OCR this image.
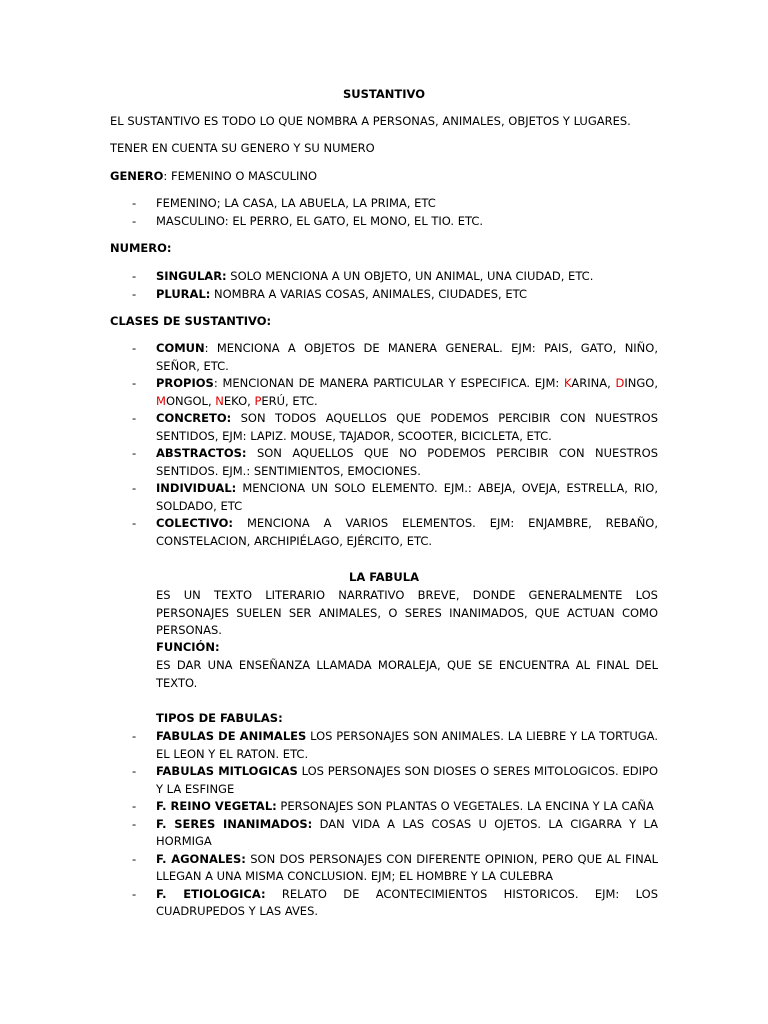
SUSTANTIVO

EL SUSTANTIVO ES TODO LO QUE NOMBRA A PERSONAS, ANIMALES, OBJETOS Y LUGARES.

TENER EN CUENTA SU GENERO Y SU NUMERO

GENERO: FEMENINO O MASCULINO

- FEMENINO; LA CASA, LA ABUELA, LA PRIMA, ETC
- MASCULINO: EL PERRO, EL GATO, EL MONO, EL TIO. ETC.

NUMERO:

- SINGULAR: SOLO MENCIONA A UN OBJETO, UN ANIMAL, UNA CIUDAD, ETC.
- PLURAL: NOMBRA A VARIAS COSAS, ANIMALES, CIUDADES, ETC

CLASES DE SUSTANTIVO:

- COMUN: MENCIONA A OBJETOS DE MANERA GENERAL. EJM: PAIS, GATO, NIÑO, SEÑOR, ETC.
- PROPIOS: MENCIONAN DE MANERA PARTICULAR Y ESPECIFICA. EJM: KARINA, DINGO, MONGOL, NEKO, PERÚ, ETC.
- CONCRETO: SON TODOS AQUELLOS QUE PODEMOS PERCIBIR CON NUESTROS SENTIDOS, EJM: LAPIZ. MOUSE, TAJADOR, SCOOTER, BICICLETA, ETC.
- ABSTRACTOS: SON AQUELLOS QUE NO PODEMOS PERCIBIR CON NUESTROS SENTIDOS. EJM.: SENTIMIENTOS, EMOCIONES.
- INDIVIDUAL: MENCIONA UN SOLO ELEMENTO. EJM.: ABEJA, OVEJA, ESTRELLA, RIO, SOLDADO, ETC
- COLECTIVO: MENCIONA A VARIOS ELEMENTOS. EJM: ENJAMBRE, REBAÑO, CONSTELACION, ARCHIPIÉLAGO, EJÉRCITO, ETC.

LA FABULA

ES UN TEXTO LITERARIO NARRATIVO BREVE, DONDE GENERALMENTE LOS PERSONAJES SUELEN SER ANIMALES, O SERES INANIMADOS, QUE ACTUAN COMO PERSONAS.

FUNCIÓN:

ES DAR UNA ENSEÑANZA LLAMADA MORALEJA, QUE SE ENCUENTRA AL FINAL DEL TEXTO.

TIPOS DE FABULAS:

- FABULAS DE ANIMALES LOS PERSONAJES SON ANIMALES. LA LIEBRE Y LA TORTUGA. EL LEON Y EL RATON. ETC.
- FABULAS MITLOGICAS LOS PERSONAJES SON DIOSES O SERES MITOLOGICOS. EDIPO Y LA ESFINGE
- F. REINO VEGETAL: PERSONAJES SON PLANTAS O VEGETALES. LA ENCINA Y LA CAÑA
- F. SERES INANIMADOS: DAN VIDA A LAS COSAS U OJETOS. LA CIGARRA Y LA HORMIGA
- F. AGONALES: SON DOS PERSONAJES CON DIFERENTE OPINION, PERO QUE AL FINAL LLEGAN A UNA MISMA CONCLUSION. EJM; EL HOMBRE Y LA CULEBRA
- F. ETIOLOGICA: RELATO DE ACONTECIMIENTOS HISTORICOS. EJM: LOS CUADRUPEDOS Y LAS AVES.
